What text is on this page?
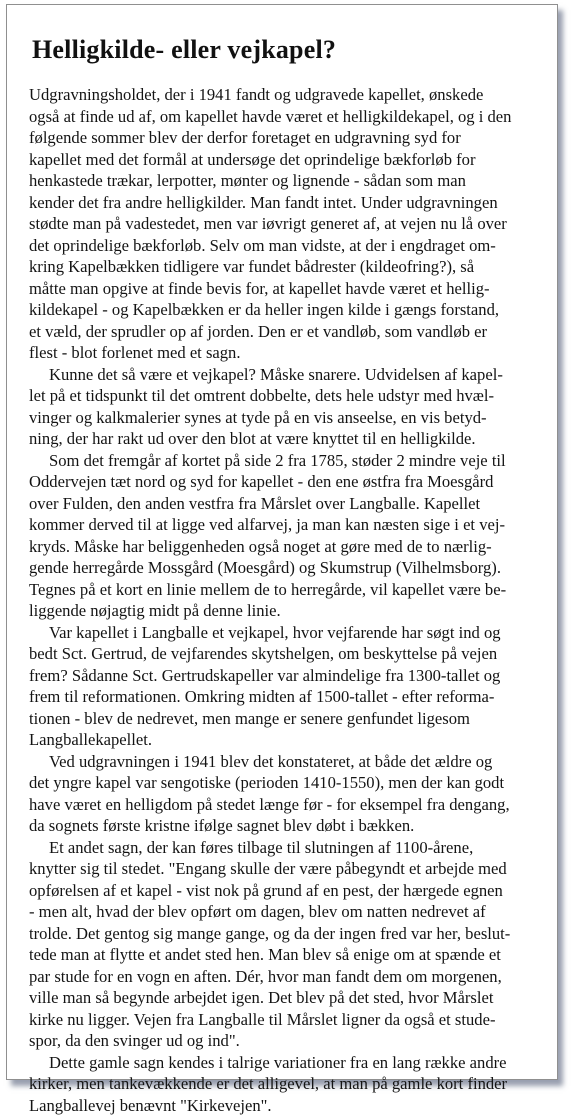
Helligkilde- eller vejkapel?

Udgravningsholdet, der i 1941 fandt og udgravede kapellet, ønskede
også at finde ud af, om kapellet havde været et helligkildekapel, og i den
følgende sommer blev der derfor foretaget en udgravning syd for
kapellet med det formål at undersøge det oprindelige bækforløb for
henkastede trækar, lerpotter, mønter og lignende - sådan som man
kender det fra andre helligkilder. Man fandt intet. Under udgravningen
stødte man på vadestedet, men var iøvrigt generet af, at vejen nu lå over
det oprindelige bækforløb. Selv om man vidste, at der i engdraget om-
kring Kapelbækken tidligere var fundet bådrester (kildeofring?), så
måtte man opgive at finde bevis for, at kapellet havde været et hellig-
kildekapel - og Kapelbækken er da heller ingen kilde i gængs forstand,
et væld, der sprudler op af jorden. Den er et vandløb, som vandløb er
flest - blot forlenet med et sagn.

Kunne det så være et vejkapel? Måske snarere. Udvidelsen af kapel-
let på et tidspunkt til det omtrent dobbelte, dets hele udstyr med hvæl-
vinger og kalkmalerier synes at tyde på en vis anseelse, en vis betyd-
ning, der har rakt ud over den blot at være knyttet til en helligkilde.

Som det fremgår af kortet på side 2 fra 1785, støder 2 mindre veje til
Oddervejen tæt nord og syd for kapellet - den ene østfra fra Moesgård
over Fulden, den anden vestfra fra Mårslet over Langballe. Kapellet
kommer derved til at ligge ved alfarvej, ja man kan næsten sige i et vej-
kryds. Måske har beliggenheden også noget at gøre med de to nærlig-
gende herregårde Mossgård (Moesgård) og Skumstrup (Vilhelmsborg).
Tegnes på et kort en linie mellem de to herregårde, vil kapellet være be-
liggende nøjagtig midt på denne linie.

Var kapellet i Langballe et vejkapel, hvor vejfarende har søgt ind og
bedt Sct. Gertrud, de vejfarendes skytshelgen, om beskyttelse på vejen
frem? Sådanne Sct. Gertrudskapeller var almindelige fra 1300-tallet og
frem til reformationen. Omkring midten af 1500-tallet - efter reforma-
tionen - blev de nedrevet, men mange er senere genfundet ligesom
Langballekapellet.

Ved udgravningen i 1941 blev det konstateret, at både det ældre og
det yngre kapel var sengotiske (perioden 1410-1550), men der kan godt
have været en helligdom på stedet længe før - for eksempel fra dengang,
da sognets første kristne ifølge sagnet blev døbt i bækken.

Et andet sagn, der kan føres tilbage til slutningen af 1100-årene,
knytter sig til stedet. "Engang skulle der være påbegyndt et arbejde med
opførelsen af et kapel - vist nok på grund af en pest, der hærgede egnen
- men alt, hvad der blev opført om dagen, blev om natten nedrevet af
trolde. Det gentog sig mange gange, og da der ingen fred var her, beslut-
tede man at flytte et andet sted hen. Man blev så enige om at spænde et
par stude for en vogn en aften. Dér, hvor man fandt dem om morgenen,
ville man så begynde arbejdet igen. Det blev på det sted, hvor Mårslet
kirke nu ligger. Vejen fra Langballe til Mårslet ligner da også et stude-
spor, da den svinger ud og ind".

Dette gamle sagn kendes i talrige variationer fra en lang række andre
kirker, men tankevækkende er det alligevel, at man på gamle kort finder
Langballevej benævnt "Kirkevejen".
